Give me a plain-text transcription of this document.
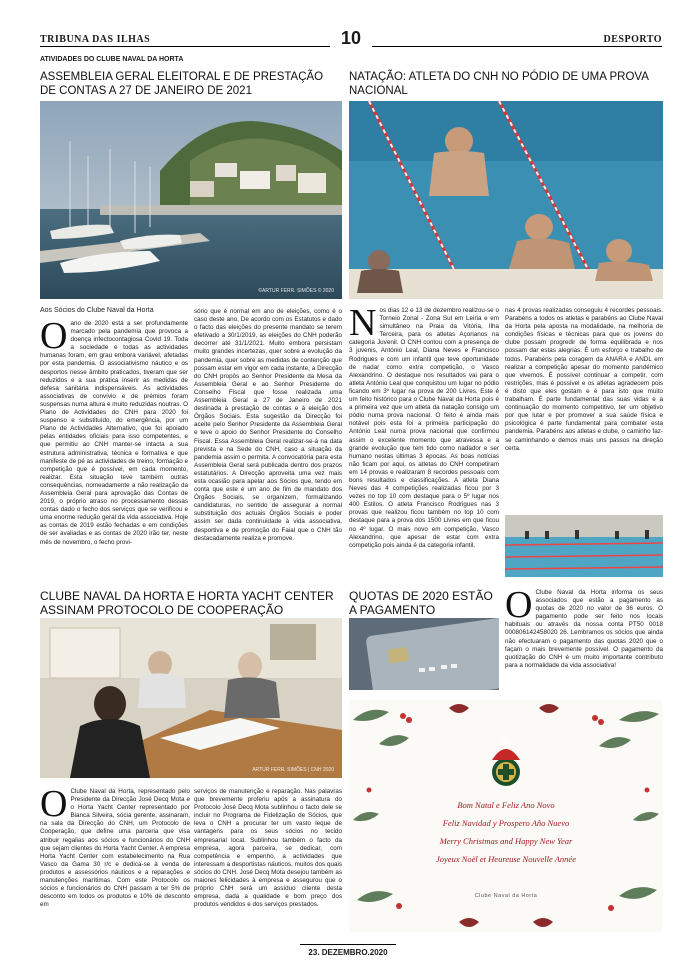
TRIBUNA DAS ILHAS	10	DESPORTO
ATIVIDADES DO CLUBE NAVAL DA HORTA
ASSEMBLEIA GERAL ELEITORAL E DE PRESTAÇÃO DE CONTAS A 27 DE JANEIRO DE 2021
©ARTUR FERR. SIMÕES © 2020
Aos Sócios do Clube Naval da Horta
O ano de 2020 está a ser profundamente marcado pela pandemia que provoca a doença infectocontagiosa Covid 19. Toda a sociedade e todas as actividades humanas foram, em grau embora variável, afetadas por esta pandemia. O associativismo náutico e os desportos nesse âmbito praticados, tiveram que ser reduzidos e a sua prática inserir as medidas de defesa sanitária indispensáveis. As actividades associativas de convívio e de prémios foram suspensas numa altura e muito reduzidas noutras. O Plano de Actividades do CNH para 2020 foi suspenso e substituído, do emergência, por um Plano de Actividades Alternativo, que foi apoiado pelas entidades oficiais para isso competentes, e que permitiu ao CNH manter-se intacta a sua estrutura administrativa, técnica e formativa e que manifeste de pé as actividades de treino, formação e competição que é possível, em cada momento, realizar. Esta situação teve também outras consequências, nomeadamente a não realização da Assembleia Geral para aprovação das Contas de 2019, o próprio atraso no processamento dessas contas dado o fecho dos serviços que se verificou e uma enorme redução geral da vida associativa. Hoje as contas de 2019 estão fechadas e em condições de ser avaliadas e as contas de 2020 irão ter, neste mês de novembro, o fecho provi-
sório que é normal em ano de eleições, como é o caso deste ano. De acordo com os Estatutos e dado o facto das eleições do presente mandato se terem efetivado a 30/1/2019, as eleições do CNH poderão decorrer até 31/1/2021. Muito embora persistam muito grandes incertezas, quer sobre a evolução da pandemia, quer sobre as medidas de contenção que possam estar em vigor em cada instante, a Direcção do CNH propôs ao Senhor Presidente da Mesa da Assembleia Geral e ao Senhor Presidente do Conselho Fiscal que fosse realizada uma Assembleia Geral a 27 de Janeiro de 2021 destinada à prestação de contas e à eleição dos Órgãos Sociais. Esta sugestão da Direcção foi aceite pelo Senhor Presidente da Assembleia Geral e teve o apoio do Senhor Presidente do Conselho Fiscal. Essa Assembleia Geral realizar-se-á na data prevista e na Sede do CNH, caso a situação da pandemia assim o permita. A convocatória para esta Assembleia Geral será publicada dentro dos prazos estatutários. A Direcção aproveita uma vez mais esta ocasião para apelar aos Sócios que, tendo em conta que este é um ano de fim de mandato dos Órgãos Sociais, se organizem, formalizando candidaturas, no sentido de assegurar a normal substituição dos actuais Órgãos Sociais e poder assim ser dada continuidade à vida associativa, desportiva e de promoção do Faial que o CNH tão destacadamente realiza e promove.
NATAÇÃO: ATLETA DO CNH NO PÓDIO DE UMA PROVA NACIONAL
N os dias 12 e 13 de dezembro realizou-se o Torneio Zonal - Zona Sul em Leiria e em simultâneo na Praia da Vitória, Ilha Terceira, para os atletas Açorianos na categoria Juvenil. O CNH contou com a presença de 3 juvenis, António Leal, Diana Neves e Francisco Rodrigues e com um infantil que teve oportunidade de nadar como extra competição, o Vasco Alexandrino. O destaque nos resultados vai para o atleta António Leal que conquistou um lugar no pódio ficando em 3º lugar na prova de 200 Livres. Este é um feito histórico para o Clube Naval da Horta pois é a primeira vez que um atleta da natação consigo um pódio numa prova nacional. O feito é ainda mais notável pois esta foi a primeira participação do António Leal numa prova nacional que confirmou assim o excelente momento que atravessa e a grande evolução que tem tido como nadador e ser humano nestas últimas 3 épocas. As boas notícias não ficam por aqui, os atletas do CNH competiram em 14 provas e realizaram 8 recordes pessoais com bons resultados e classificações. A atleta Diana Neves das 4 competições realizadas ficou por 3 vezes no top 10 com destaque para o 5º lugar nos 400 Estilos. O atleta Francisco Rodrigues nas 3 provas que realizou ficou também no top 10 com destaque para a prova dos 1500 Livres em que ficou no 4º lugar. O mais novo em competição, Vasco Alexandrino, que apesar de estar com extra competição pois ainda é da categoria infantil,
nas 4 provas realizadas conseguiu 4 recordes pessoais. Parabéns a todos os atletas e parabéns ao Clube Naval da Horta pela aposta na modalidade, na melhoria de condições físicas e técnicas para que os jovens do clube possam progredir de forma equilibrada e nos possam dar estas alegrias. É um esforço e trabalho de todos. Parabéns pela coragem da ANARA e ANDL em realizar a competição apesar do momento pandémico que vivemos. É possível continuar a competir, com restrições, mas é possível e os atletas agradecem pois é disto que eles gostam e é para isto que muito trabalham. É parte fundamental das suas vidas e a continuação do momento competitivo, ter um objetivo por que lutar e por promover a sua saúde física e psicológica é parte fundamental para combater esta pandemia. Parabéns aos atletas e clube, o caminho faz-se caminhando e demos mais uns passos na direção certa.
CLUBE NAVAL DA HORTA E HORTA YACHT CENTER ASSINAM PROTOCOLO DE COOPERAÇÃO
ARTUR FERR. SIMÕES | CNH 2020
O Clube Naval da Horta, representado pelo Presidente da Direcção José Decq Mota e o Horta Yacht Center representado por Bianca Silveira, sócia gerente, assinaram, na sala da Direcção do CNH, um Protocolo de Cooperação, que define uma parceria que visa atribuir regalias aos sócios e funcionários do CNH que sejam clientes do Horta Yacht Center. A empresa Horta Yacht Center com estabelecimento na Rua Vasco da Gama 30 r/c e dedica-se à venda de produtos e assessórios náuticos e a reparações e manutenções marítimas. Com este Protocolo os sócios e funcionários do CNH passam a ter 5% de desconto em todos os produtos e 10% de desconto em
serviços de manutenção e reparação. Nas palavras que brevemente proferiu após a assinatura do Protocolo José Decq Mota sublinhou o facto dele se incluir no Programa de Fidelização de Sócios, que leva o CNH a procurar ter um vasto leque de vantagens para os seus sócios no tecido empresarial local. Sublinhou também o facto da empresa, agora parceira, se dedicar, com competência e empenho, a actividades que interessam a desportistas náuticos, muitos dos quais sócios do CNH. José Decq Mota desejou também as maiores felicidades à empresa e assegurou que o próprio CNH será um assíduo cliente desta empresa, dada a qualidade e bom preço dos produtos vendidos e dos serviços prestados.
QUOTAS DE 2020 ESTÃO A PAGAMENTO	O Clube Naval da Horta informa os seus associados que estão a pagamento as quotas de 2020 no valor de 36 euros. O pagamento pode ser feito nos locais habituais ou através da nossa conta PT50 0018 000806142458020 26. Lembramos os sócios que ainda não efectuaram o pagamento das quotas 2020 que o façam o mais brevemente possível. O pagamento da quotização do CNH é um muito importante contributo para a normalidade da vida associativa!
Bom Natal e Feliz Ano Novo
Feliz Navidad y Prospero Año Nuevo
Merry Christmas and Happy New Year
Joyeux Noël et Heureuse Nouvelle Année
Clube Naval da Horta
23. DEZEMBRO.2020
